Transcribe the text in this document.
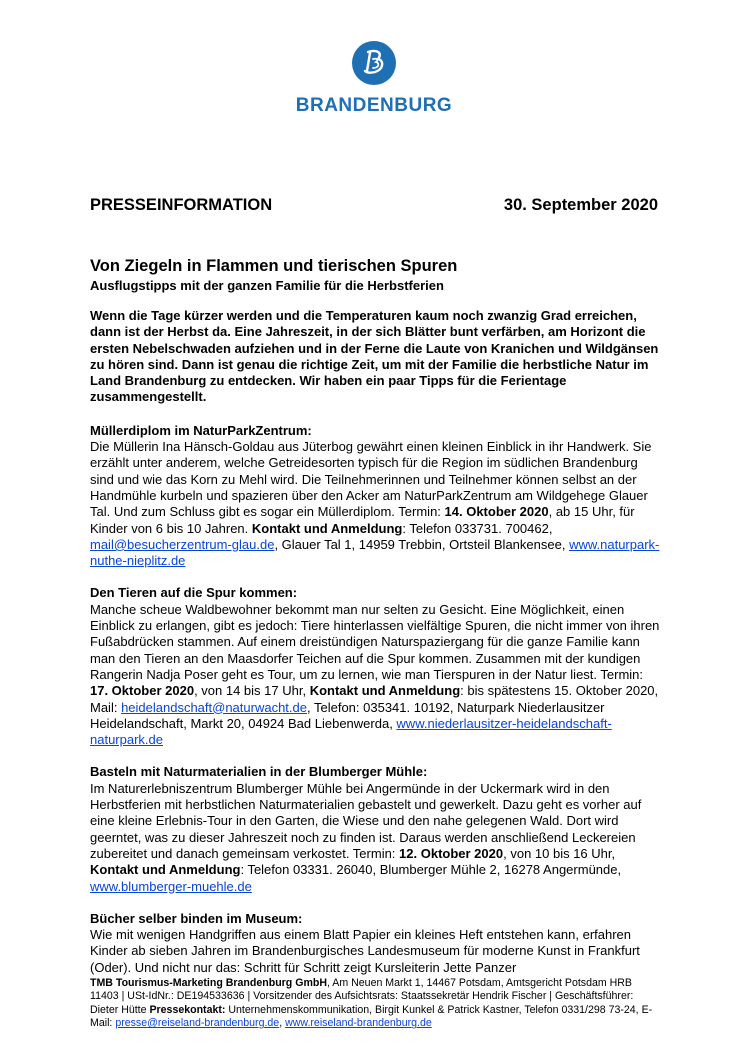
BRANDENBURG
PRESSEINFORMATION	30. September 2020
Von Ziegeln in Flammen und tierischen Spuren
Ausflugstipps mit der ganzen Familie für die Herbstferien

Wenn die Tage kürzer werden und die Temperaturen kaum noch zwanzig Grad erreichen, dann ist der Herbst da. Eine Jahreszeit, in der sich Blätter bunt verfärben, am Horizont die ersten Nebelschwaden aufziehen und in der Ferne die Laute von Kranichen und Wildgänsen zu hören sind. Dann ist genau die richtige Zeit, um mit der Familie die herbstliche Natur im Land Brandenburg zu entdecken. Wir haben ein paar Tipps für die Ferientage zusammengestellt.

Müllerdiplom im NaturParkZentrum:
Die Müllerin Ina Hänsch-Goldau aus Jüterbog gewährt einen kleinen Einblick in ihr Handwerk. Sie erzählt unter anderem, welche Getreidesorten typisch für die Region im südlichen Brandenburg sind und wie das Korn zu Mehl wird. Die Teilnehmerinnen und Teilnehmer können selbst an der Handmühle kurbeln und spazieren über den Acker am NaturParkZentrum am Wildgehege Glauer Tal. Und zum Schluss gibt es sogar ein Müllerdiplom. Termin: 14. Oktober 2020, ab 15 Uhr, für Kinder von 6 bis 10 Jahren. Kontakt und Anmeldung: Telefon 033731. 700462, mail@besucherzentrum-glau.de, Glauer Tal 1, 14959 Trebbin, Ortsteil Blankensee, www.naturpark-nuthe-nieplitz.de

Den Tieren auf die Spur kommen:
Manche scheue Waldbewohner bekommt man nur selten zu Gesicht. Eine Möglichkeit, einen Einblick zu erlangen, gibt es jedoch: Tiere hinterlassen vielfältige Spuren, die nicht immer von ihren Fußabdrücken stammen. Auf einem dreistündigen Naturspaziergang für die ganze Familie kann man den Tieren an den Maasdorfer Teichen auf die Spur kommen. Zusammen mit der kundigen Rangerin Nadja Poser geht es Tour, um zu lernen, wie man Tierspuren in der Natur liest. Termin: 17. Oktober 2020, von 14 bis 17 Uhr, Kontakt und Anmeldung: bis spätestens 15. Oktober 2020, Mail: heidelandschaft@naturwacht.de, Telefon: 035341. 10192, Naturpark Niederlausitzer Heidelandschaft, Markt 20, 04924 Bad Liebenwerda, www.niederlausitzer-heidelandschaft-naturpark.de

Basteln mit Naturmaterialien in der Blumberger Mühle:
Im Naturerlebniszentrum Blumberger Mühle bei Angermünde in der Uckermark wird in den Herbstferien mit herbstlichen Naturmaterialien gebastelt und gewerkelt. Dazu geht es vorher auf eine kleine Erlebnis-Tour in den Garten, die Wiese und den nahe gelegenen Wald. Dort wird geerntet, was zu dieser Jahreszeit noch zu finden ist. Daraus werden anschließend Leckereien zubereitet und danach gemeinsam verkostet. Termin: 12. Oktober 2020, von 10 bis 16 Uhr, Kontakt und Anmeldung: Telefon 03331. 26040, Blumberger Mühle 2, 16278 Angermünde, www.blumberger-muehle.de

Bücher selber binden im Museum:
Wie mit wenigen Handgriffen aus einem Blatt Papier ein kleines Heft entstehen kann, erfahren Kinder ab sieben Jahren im Brandenburgisches Landesmuseum für moderne Kunst in Frankfurt (Oder). Und nicht nur das: Schritt für Schritt zeigt Kursleiterin Jette Panzer

TMB Tourismus-Marketing Brandenburg GmbH, Am Neuen Markt 1, 14467 Potsdam, Amtsgericht Potsdam HRB 11403 | USt-IdNr.: DE194533636 | Vorsitzender des Aufsichtsrats: Staatssekretär Hendrik Fischer | Geschäftsführer: Dieter Hütte Pressekontakt: Unternehmenskommunikation, Birgit Kunkel & Patrick Kastner, Telefon 0331/298 73-24, E-Mail: presse@reiseland-brandenburg.de, www.reiseland-brandenburg.de
